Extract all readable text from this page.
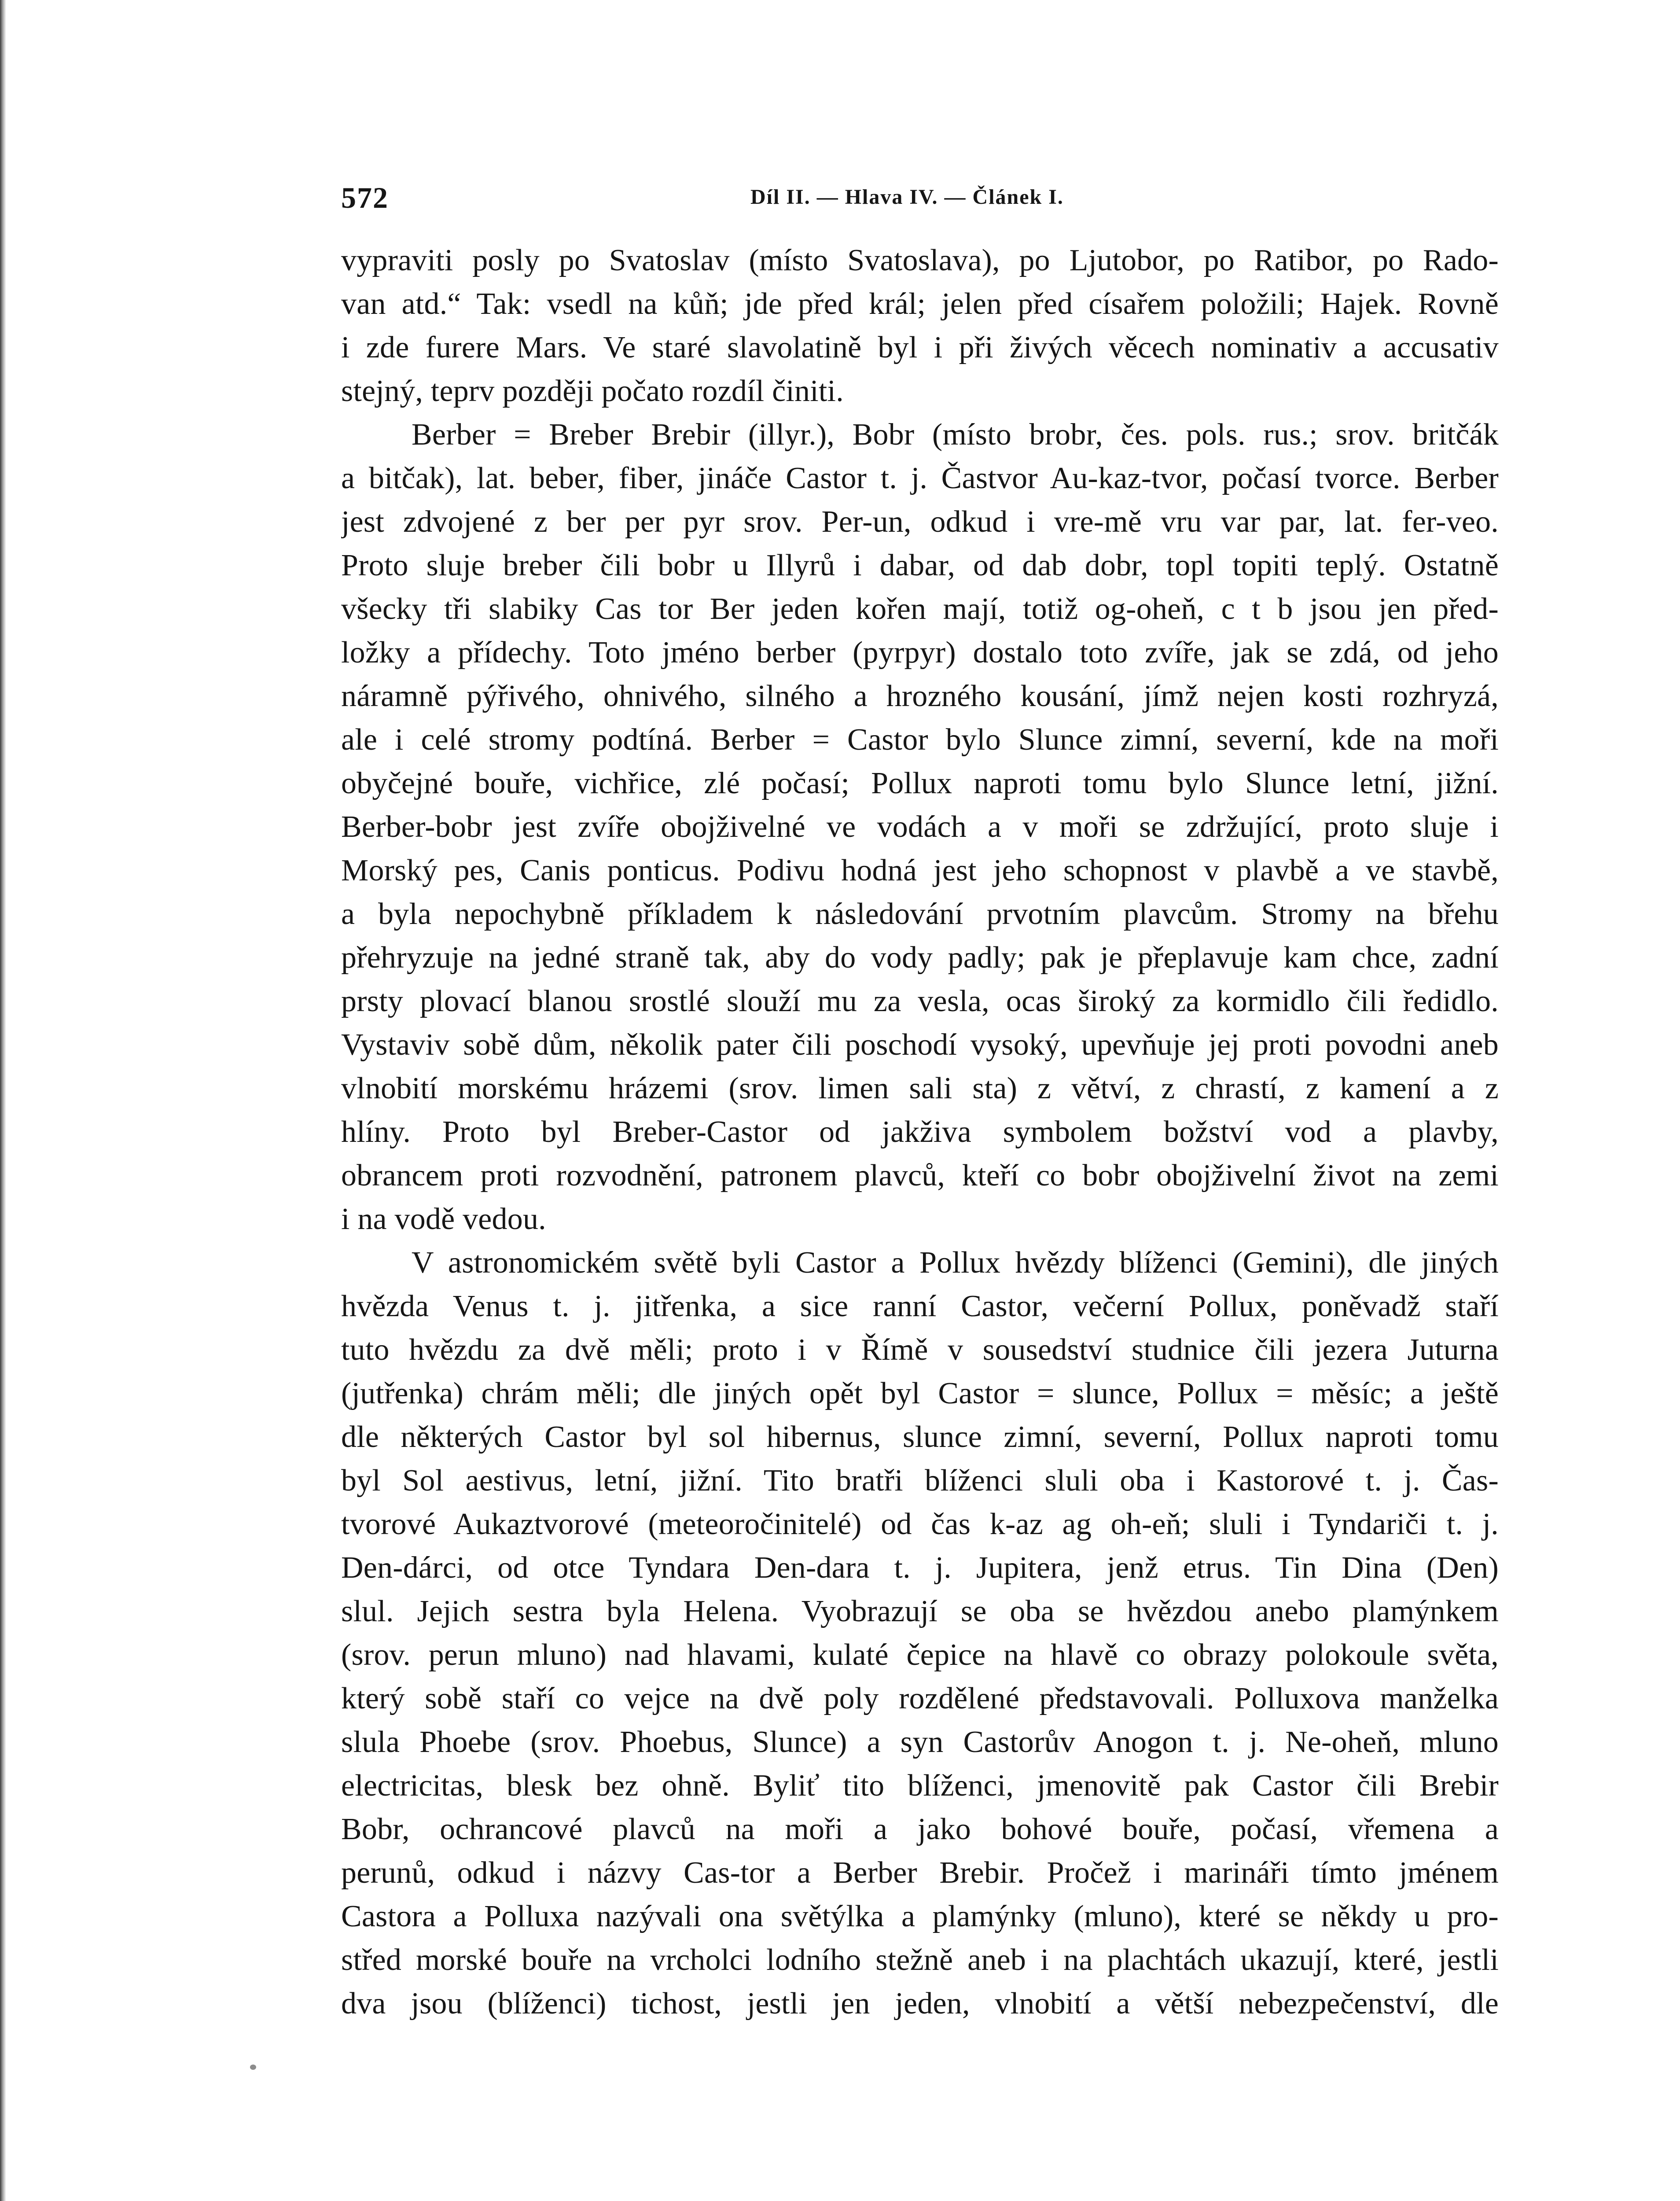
572	Díl II. — Hlava IV. — Článek I.
vypraviti posly po Svatoslav (místo Svatoslava), po Ljutobor, po Ratibor, po Rado-
van atd.“ Tak: vsedl na kůň; jde před král; jelen před císařem položili; Hajek. Rovně
i zde furere Mars. Ve staré slavolatině byl i při živých věcech nominativ a accusativ
stejný, teprv později počato rozdíl činiti.
Berber = Breber Brebir (illyr.), Bobr (místo brobr, čes. pols. rus.; srov. britčák
a bitčak), lat. beber, fiber, jináče Castor t. j. Častvor Au-kaz-tvor, počasí tvorce. Berber
jest zdvojené z ber per pyr srov. Per-un, odkud i vre-mě vru var par, lat. fer-veo.
Proto sluje breber čili bobr u Illyrů i dabar, od dab dobr, topl topiti teplý. Ostatně
všecky tři slabiky Cas tor Ber jeden kořen mají, totiž og-oheň, c t b jsou jen před-
ložky a přídechy. Toto jméno berber (pyrpyr) dostalo toto zvíře, jak se zdá, od jeho
náramně pýřivého, ohnivého, silného a hrozného kousání, jímž nejen kosti rozhryzá,
ale i celé stromy podtíná. Berber = Castor bylo Slunce zimní, severní, kde na moři
obyčejné bouře, vichřice, zlé počasí; Pollux naproti tomu bylo Slunce letní, jižní.
Berber-bobr jest zvíře obojživelné ve vodách a v moři se zdržující, proto sluje i
Morský pes, Canis ponticus. Podivu hodná jest jeho schopnost v plavbě a ve stavbě,
a byla nepochybně příkladem k následování prvotním plavcům. Stromy na břehu
přehryzuje na jedné straně tak, aby do vody padly; pak je přeplavuje kam chce, zadní
prsty plovací blanou srostlé slouží mu za vesla, ocas široký za kormidlo čili ředidlo.
Vystaviv sobě dům, několik pater čili poschodí vysoký, upevňuje jej proti povodni aneb
vlnobití morskému hrázemi (srov. limen sali sta) z větví, z chrastí, z kamení a z
hlíny. Proto byl Breber-Castor od jakživa symbolem božství vod a plavby,
obrancem proti rozvodnění, patronem plavců, kteří co bobr obojživelní život na zemi
i na vodě vedou.
V astronomickém světě byli Castor a Pollux hvězdy blíženci (Gemini), dle jiných
hvězda Venus t. j. jitřenka, a sice ranní Castor, večerní Pollux, poněvadž staří
tuto hvězdu za dvě měli; proto i v Římě v sousedství studnice čili jezera Juturna
(jutřenka) chrám měli; dle jiných opět byl Castor = slunce, Pollux = měsíc; a ještě
dle některých Castor byl sol hibernus, slunce zimní, severní, Pollux naproti tomu
byl Sol aestivus, letní, jižní. Tito bratři blíženci sluli oba i Kastorové t. j. Čas-
tvorové Aukaztvorové (meteoročinitelé) od čas k-az ag oh-eň; sluli i Tyndariči t. j.
Den-dárci, od otce Tyndara Den-dara t. j. Jupitera, jenž etrus. Tin Dina (Den)
slul. Jejich sestra byla Helena. Vyobrazují se oba se hvězdou anebo plamýnkem
(srov. perun mluno) nad hlavami, kulaté čepice na hlavě co obrazy polokoule světa,
který sobě staří co vejce na dvě poly rozdělené představovali. Polluxova manželka
slula Phoebe (srov. Phoebus, Slunce) a syn Castorův Anogon t. j. Ne-oheň, mluno
electricitas, blesk bez ohně. Byliť tito blíženci, jmenovitě pak Castor čili Brebir
Bobr, ochrancové plavců na moři a jako bohové bouře, počasí, vřemena a
perunů, odkud i názvy Cas-tor a Berber Brebir. Pročež i marináři tímto jménem
Castora a Polluxa nazývali ona světýlka a plamýnky (mluno), které se někdy u pro-
střed morské bouře na vrcholci lodního stežně aneb i na plachtách ukazují, které, jestli
dva jsou (blíženci) tichost, jestli jen jeden, vlnobití a větší nebezpečenství, dle
